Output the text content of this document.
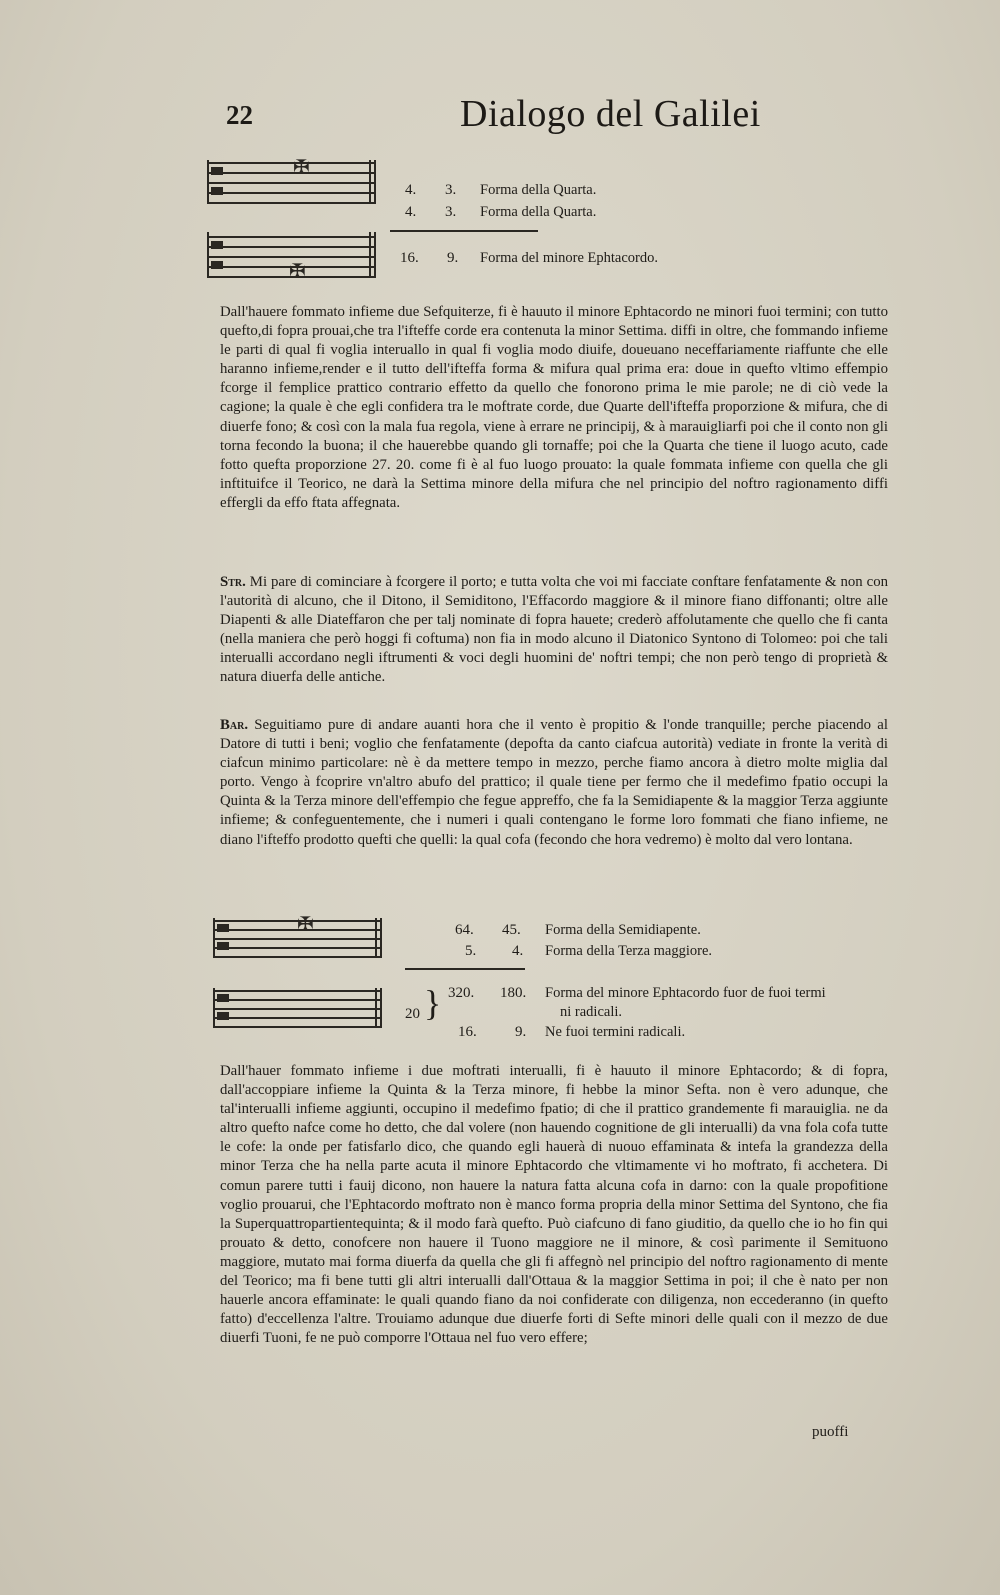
22	Dialogo del Galilei
✠
✠
4. 3. Forma della Quarta.
4. 3. Forma della Quarta.
16. 9. Forma del minore Ephtacordo.
Dall'hauere fommato infieme due Sefquiterze, fi è hauuto il minore Ephtacordo ne minori fuoi termini; con tutto quefto,di fopra prouai,che tra l'ifteffe corde era contenuta la minor Settima. diffi in oltre, che fommando infieme le parti di qual fi voglia interuallo in qual fi voglia modo diuife, doueuano neceffariamente riaffunte che elle haranno infieme,render e il tutto dell'ifteffa forma & mifura qual prima era: doue in quefto vltimo effempio fcorge il femplice prattico contrario effetto da quello che fonorono prima le mie parole; ne di ciò vede la cagione; la quale è che egli confidera tra le moftrate corde, due Quarte dell'ifteffa proporzione & mifura, che di diuerfe fono; & così con la mala fua regola, viene à errare ne principij, & à marauigliarfi poi che il conto non gli torna fecondo la buona; il che hauerebbe quando gli tornaffe; poi che la Quarta che tiene il luogo acuto, cade fotto quefta proporzione 27. 20. come fi è al fuo luogo prouato: la quale fommata infieme con quella che gli inftituifce il Teorico, ne darà la Settima minore della mifura che nel principio del noftro ragionamento diffi effergli da effo ftata affegnata.
Str. Mi pare di cominciare à fcorgere il porto; e tutta volta che voi mi facciate conftare fenfatamente & non con l'autorità di alcuno, che il Ditono, il Semiditono, l'Effacordo maggiore & il minore fiano diffonanti; oltre alle Diapenti & alle Diateffaron che per talj nominate di fopra hauete; crederò affolutamente che quello che fi canta (nella maniera che però hoggi fi coftuma) non fia in modo alcuno il Diatonico Syntono di Tolomeo: poi che tali interualli accordano negli iftrumenti & voci degli huomini de' noftri tempi; che non però tengo di proprietà & natura diuerfa delle antiche.
Bar. Seguitiamo pure di andare auanti hora che il vento è propitio & l'onde tranquille; perche piacendo al Datore di tutti i beni; voglio che fenfatamente (depofta da canto ciafcua autorità) vediate in fronte la verità di ciafcun minimo particolare: nè è da mettere tempo in mezzo, perche fiamo ancora à dietro molte miglia dal porto. Vengo à fcoprire vn'altro abufo del prattico; il quale tiene per fermo che il medefimo fpatio occupi la Quinta & la Terza minore dell'effempio che fegue appreffo, che fa la Semidiapente & la maggior Terza aggiunte infieme; & confeguentemente, che i numeri i quali contengano le forme loro fommati che fiano infieme, ne diano l'ifteffo prodotto quefti che quelli: la qual cofa (fecondo che hora vedremo) è molto dal vero lontana.
✠	64. 45. Forma della Semidiapente.
5. 4. Forma della Terza maggiore.
20 } 320. 180. Forma del minore Ephtacordo fuor de fuoi termi
ni radicali.
16.	9. Ne fuoi termini radicali.
Dall'hauer fommato infieme i due moftrati interualli, fi è hauuto il minore Ephtacordo; & di fopra, dall'accoppiare infieme la Quinta & la Terza minore, fi hebbe la minor Sefta. non è vero adunque, che tal'interualli infieme aggiunti, occupino il medefimo fpatio; di che il prattico grandemente fi marauiglia. ne da altro quefto nafce come ho detto, che dal volere (non hauendo cognitione de gli interualli) da vna fola cofa tutte le cofe: la onde per fatisfarlo dico, che quando egli hauerà di nuouo effaminata & intefa la grandezza della minor Terza che ha nella parte acuta il minore Ephtacordo che vltimamente vi ho moftrato, fi acchetera. Di comun parere tutti i fauij dicono, non hauere la natura fatta alcuna cofa in darno: con la quale propofitione voglio prouarui, che l'Ephtacordo moftrato non è manco forma propria della minor Settima del Syntono, che fia la Superquattropartientequinta; & il modo farà quefto. Può ciafcuno di fano giuditio, da quello che io ho fin qui prouato & detto, conofcere non hauere il Tuono maggiore ne il minore, & così parimente il Semituono maggiore, mutato mai forma diuerfa da quella che gli fi affegnò nel principio del noftro ragionamento di mente del Teorico; ma fi bene tutti gli altri interualli dall'Ottaua & la maggior Settima in poi; il che è nato per non hauerle ancora effaminate: le quali quando fiano da noi confiderate con diligenza, non eccederanno (in quefto fatto) d'eccellenza l'altre. Trouiamo adunque due diuerfe forti di Sefte minori delle quali con il mezzo de due diuerfi Tuoni, fe ne può comporre l'Ottaua nel fuo vero effere;
puoffi
